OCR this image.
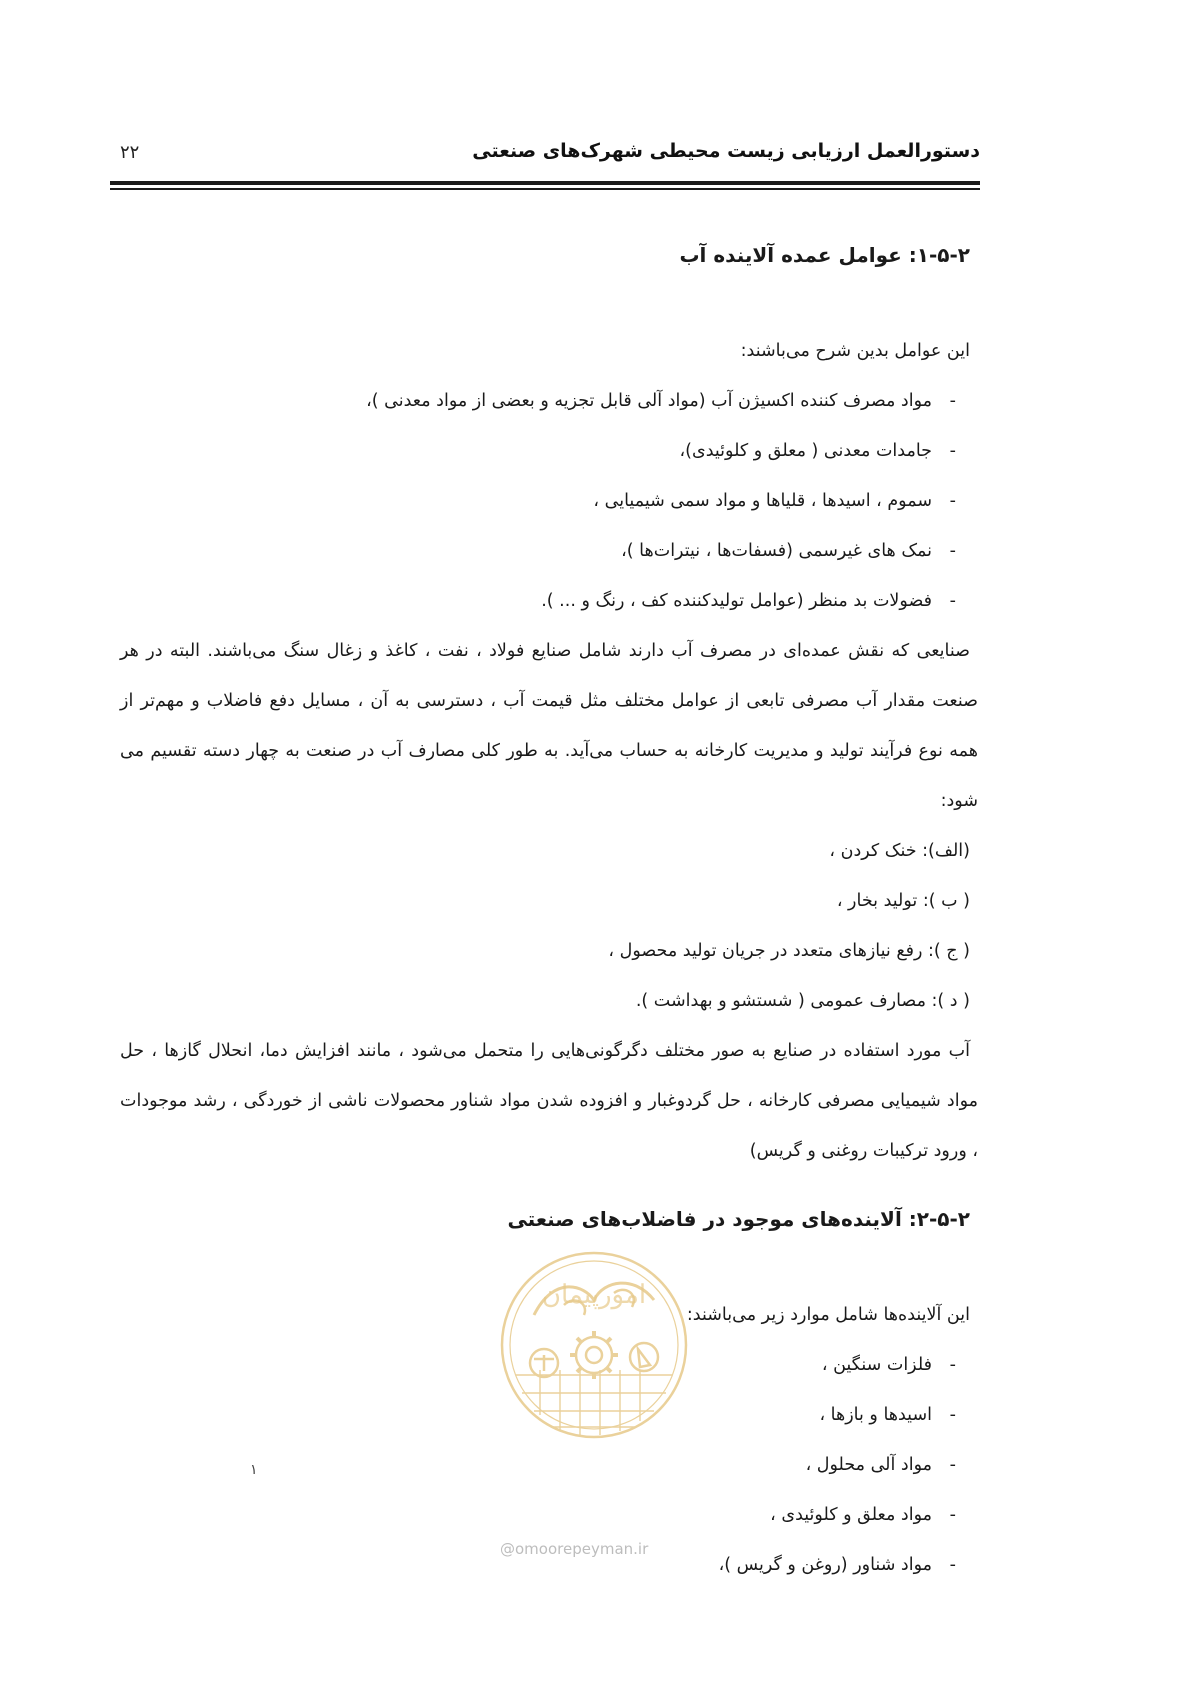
دستورالعمل ارزیابی زیست محیطی شهرک‌های صنعتی
۲۲
۱-۵-۲: عوامل عمده آلاینده آب

این عوامل بدین شرح می‌باشند:

-
مواد مصرف کننده اکسیژن آب (مواد آلی قابل تجزیه و بعضی از مواد معدنی )،
-
جامدات معدنی ( معلق و کلوئیدی)،
-
سموم ، اسیدها ، قلیاها و مواد سمی شیمیایی ،
-
نمک های غیرسمی (فسفات‌ها ، نیترات‌ها )،
-
فضولات بد منظر (عوامل تولیدکننده کف ، رنگ و ... ).

صنایعی که نقش عمده‌ای در مصرف آب دارند شامل صنایع فولاد ، نفت ، کاغذ و زغال سنگ می‌باشند. البته در هر صنعت مقدار آب مصرفی تابعی از عوامل مختلف مثل قیمت آب ، دسترسی به آن ، مسایل دفع فاضلاب و مهم‌تر از همه نوع فرآیند تولید و مدیریت کارخانه به حساب می‌آید. به طور کلی مصارف آب در صنعت به چهار دسته تقسیم می شود:

(الف): خنک کردن ،
( ب ): تولید بخار ،
( ج ): رفع نیازهای متعدد در جریان تولید محصول ،
( د ): مصارف عمومی ( شستشو و بهداشت ).

آب مورد استفاده در صنایع به صور مختلف دگرگونی‌هایی را متحمل می‌شود ، مانند افزایش دما، انحلال گازها ، حل مواد شیمیایی مصرفی کارخانه ، حل گردوغبار و افزوده شدن مواد شناور محصولات ناشی از خوردگی ، رشد موجودات ، ورود ترکیبات روغنی و گریس)

۲-۵-۲: آلاینده‌های موجود در فاضلاب‌های صنعتی

این آلاینده‌ها شامل موارد زیر می‌باشند:

-
فلزات سنگین ،
-
اسیدها و بازها ،
-
مواد آلی محلول ،
-
مواد معلق و کلوئیدی ،
-
مواد شناور (روغن و گریس )،
امورپیمان
@omoorepeyman.ir
١
